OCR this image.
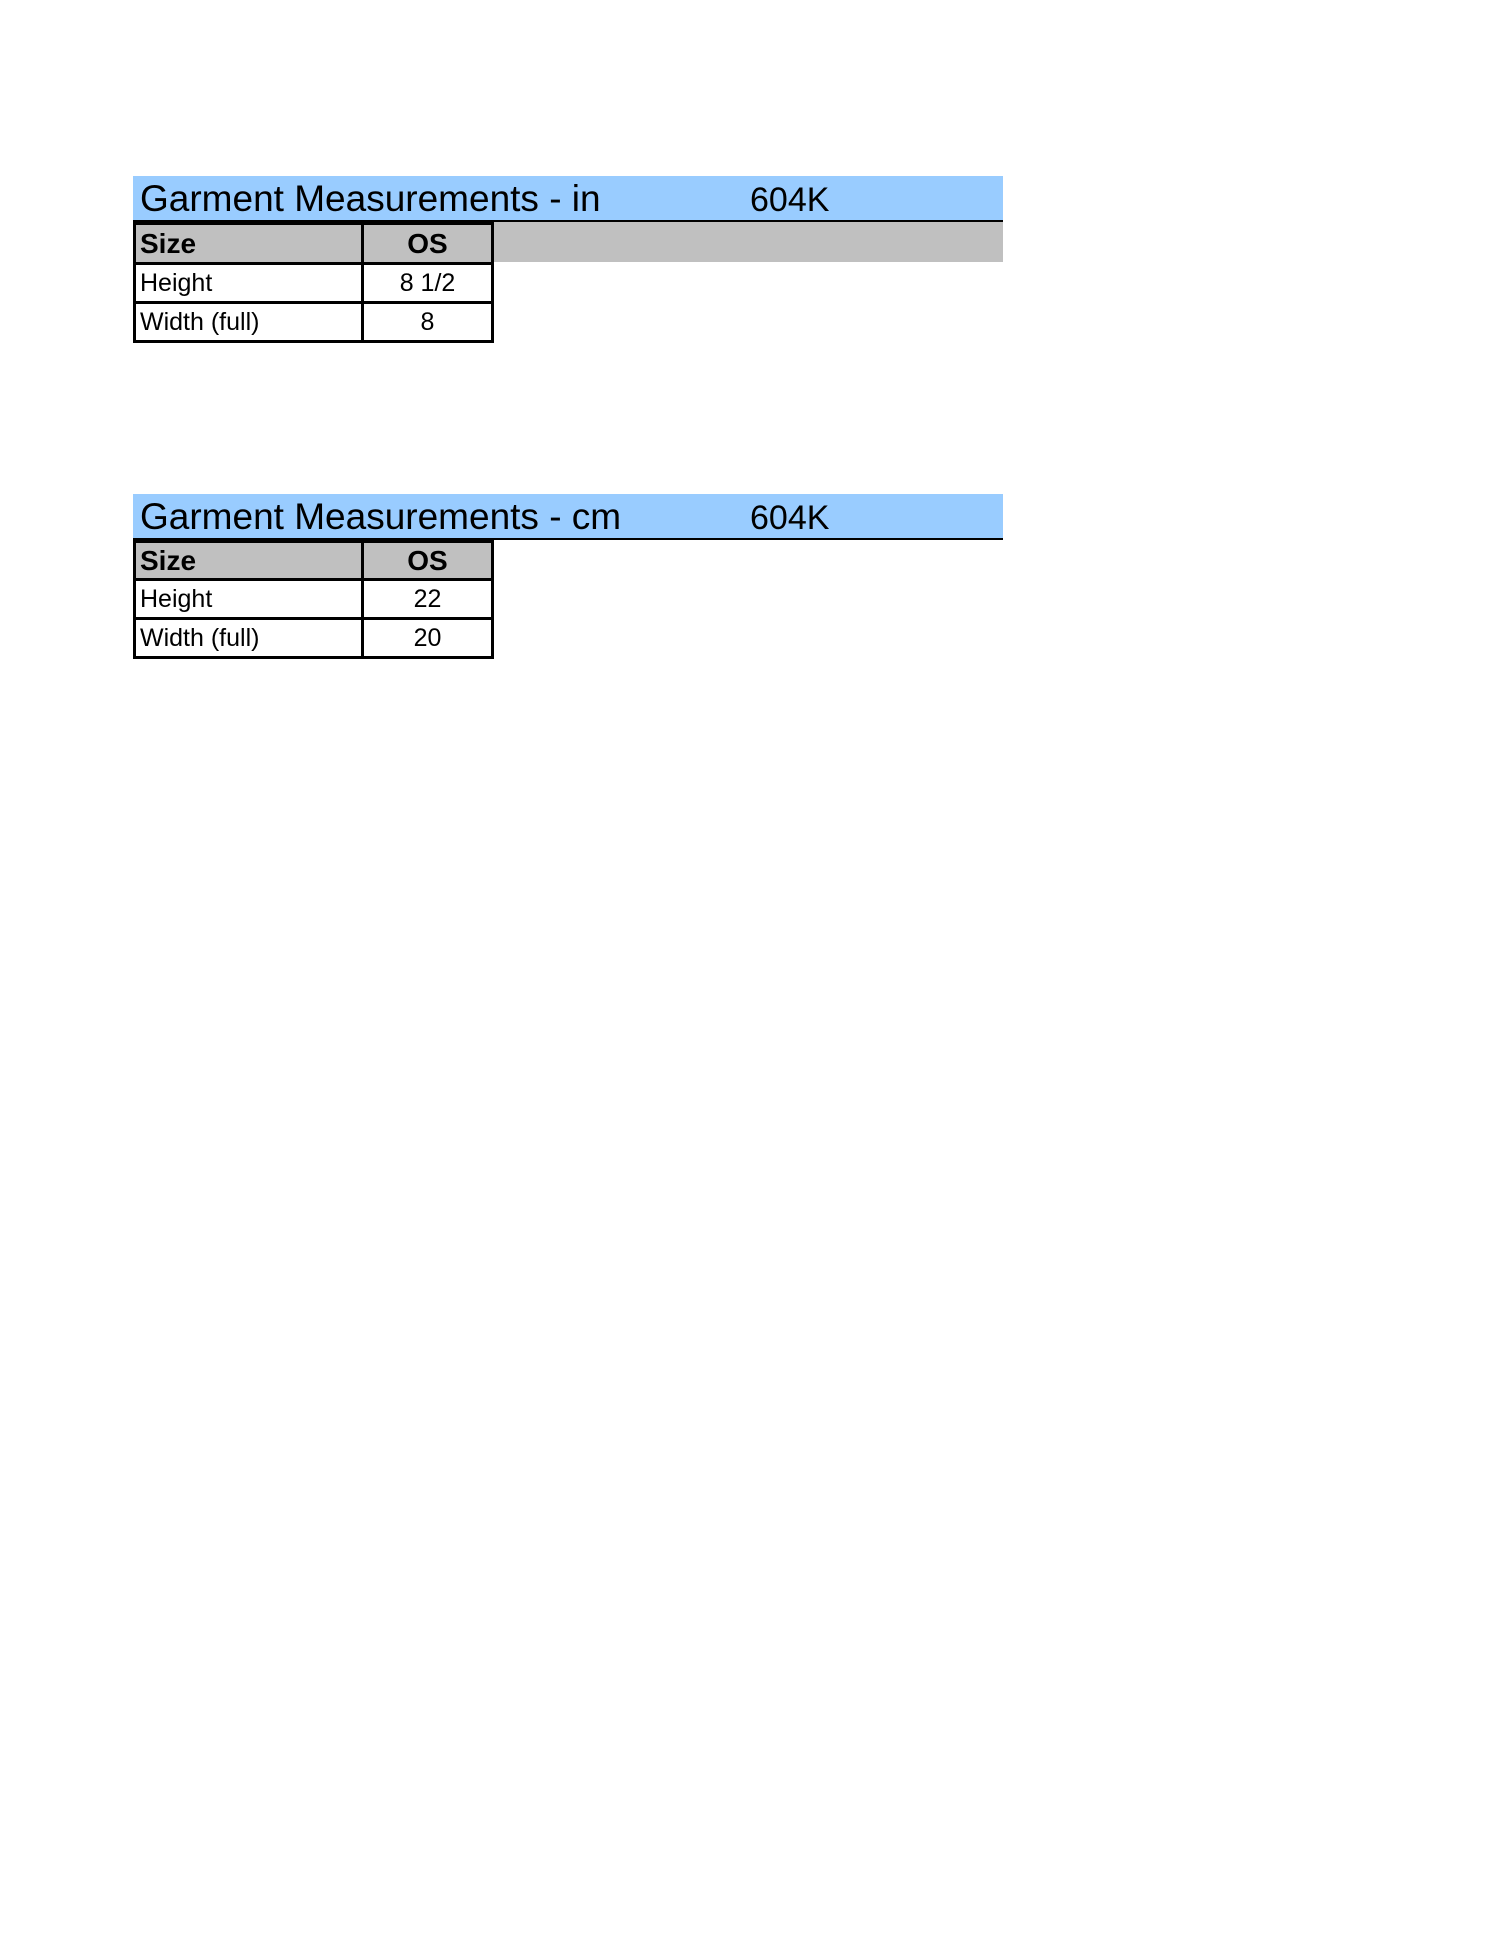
Garment Measurements - in	604K
Size	OS
Height	8 1/2
Width (full)	8
Garment Measurements - cm	604K
Size	OS
Height	22
Width (full)	20
